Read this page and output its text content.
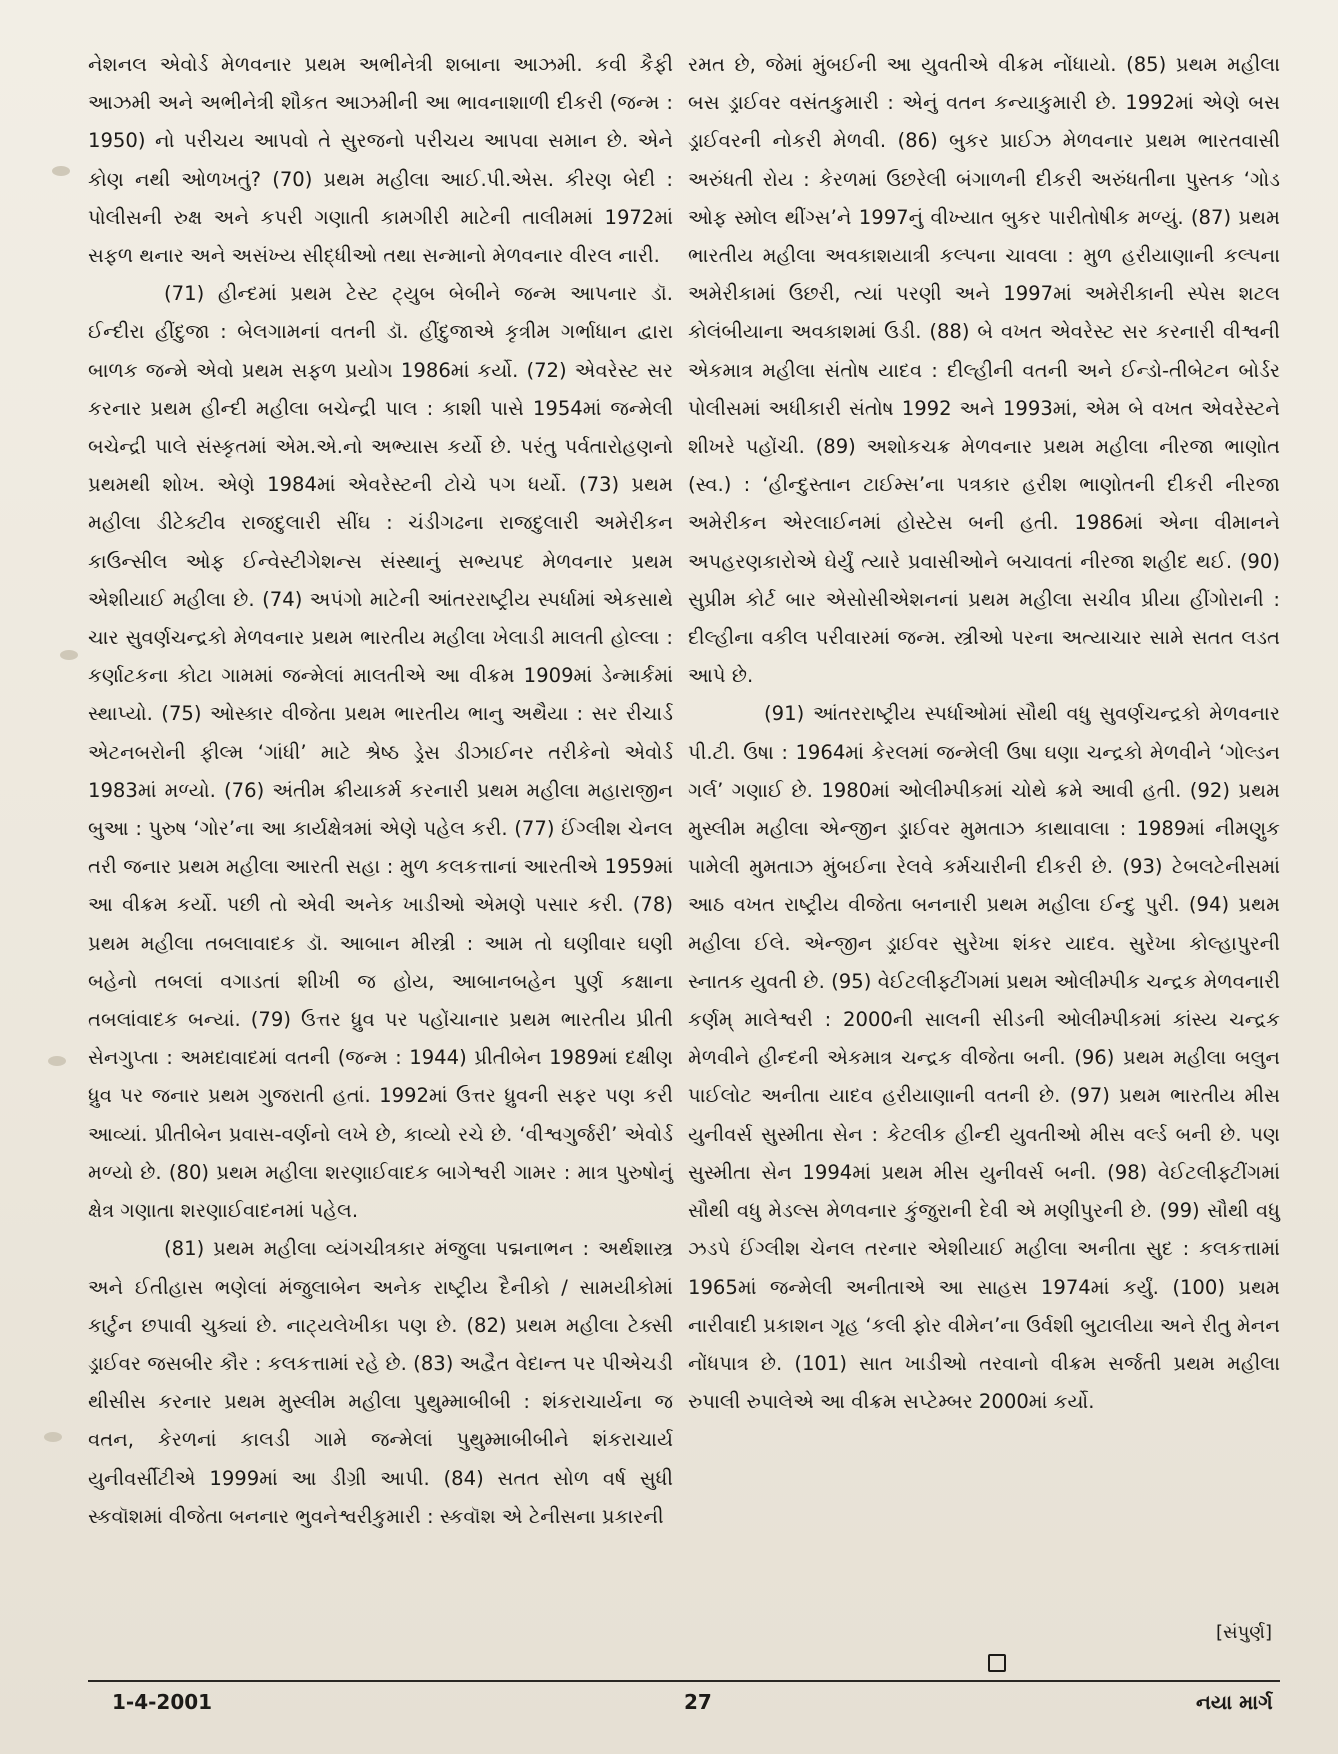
નેશનલ એવોર્ડ મેળવનાર પ્રથમ અભીનેત્રી શબાના આઝમી. કવી કૈફી આઝમી અને અભીનેત્રી શૌકત આઝમીની આ ભાવનાશાળી દીકરી (જન્મ : 1950) નો પરીચય આપવો તે સુરજનો પરીચય આપવા સમાન છે. એને કોણ નથી ઓળખતું? (70) પ્રથમ મહીલા આઈ.પી.એસ. કીરણ બેદી : પોલીસની રુક્ષ અને કપરી ગણાતી કામગીરી માટેની તાલીમમાં 1972માં સફળ થનાર અને અસંખ્ય સીદ્ધીઓ તથા સન્માનો મેળવનાર વીરલ નારી.

(71) હીન્દમાં પ્રથમ ટેસ્ટ ટ્યુબ બેબીને જન્મ આપનાર ડૉ. ઈન્દીરા હીંદુજા : બેલગામનાં વતની ડૉ. હીંદુજાએ કૃત્રીમ ગર્ભાધાન દ્વારા બાળક જન્મે એવો પ્રથમ સફળ પ્રયોગ 1986માં કર્યો. (72) એવરેસ્ટ સર કરનાર પ્રથમ હીન્દી મહીલા બચેન્દ્રી પાલ : કાશી પાસે 1954માં જન્મેલી બચેન્દ્રી પાલે સંસ્કૃતમાં એમ.એ.નો અભ્યાસ કર્યો છે. પરંતુ પર્વતારોહણનો પ્રથમથી શોખ. એણે 1984માં એવરેસ્ટની ટોચે પગ ધર્યો. (73) પ્રથમ મહીલા ડીટેક્ટીવ રાજદુલારી સીંઘ : ચંડીગઢના રાજદુલારી અમેરીકન કાઉન્સીલ ઓફ ઈન્વેસ્ટીગેશન્સ સંસ્થાનું સભ્યપદ મેળવનાર પ્રથમ એશીયાઈ મહીલા છે. (74) અપંગો માટેની આંતરરાષ્ટ્રીય સ્પર્ધામાં એકસાથે ચાર સુવર્ણચન્દ્રકો મેળવનાર પ્રથમ ભારતીય મહીલા ખેલાડી માલતી હોલ્લા : કર્ણાટકના કોટા ગામમાં જન્મેલાં માલતીએ આ વીક્રમ 1909માં ડેન્માર્કમાં સ્થાપ્યો. (75) ઓસ્કાર વીજેતા પ્રથમ ભારતીય ભાનુ અથૈયા : સર રીચાર્ડ એટનબરોની ફીલ્મ ‘ગાંધી’ માટે શ્રેષ્ઠ ડ્રેસ ડીઝાઈનર તરીકેનો એવોર્ડ 1983માં મળ્યો. (76) અંતીમ ક્રીયાકર્મ કરનારી પ્રથમ મહીલા મહારાજીન બુઆ : પુરુષ ‘ગોર’ના આ કાર્યક્ષેત્રમાં એણે પહેલ કરી. (77) ઈંગ્લીશ ચેનલ તરી જનાર પ્રથમ મહીલા આરતી સહા : મુળ કલકત્તાનાં આરતીએ 1959માં આ વીક્રમ કર્યો. પછી તો એવી અનેક ખાડીઓ એમણે પસાર કરી. (78) પ્રથમ મહીલા તબલાવાદક ડૉ. આબાન મીસ્ત્રી : આમ તો ઘણીવાર ઘણી બહેનો તબલાં વગાડતાં શીખી જ હોય, આબાનબહેન પુર્ણ કક્ષાના તબલાંવાદક બન્યાં. (79) ઉત્તર ધ્રુવ પર પહોંચાનાર પ્રથમ ભારતીય પ્રીતી સેનગુપ્તા : અમદાવાદમાં વતની (જન્મ : 1944) પ્રીતીબેન 1989માં દક્ષીણ ધ્રુવ પર જનાર પ્રથમ ગુજરાતી હતાં. 1992માં ઉત્તર ધ્રુવની સફર પણ કરી આવ્યાં. પ્રીતીબેન પ્રવાસ-વર્ણનો લખે છે, કાવ્યો રચે છે. ‘વીશ્વગુર્જરી’ એવોર્ડ મળ્યો છે. (80) પ્રથમ મહીલા શરણાઈવાદક બાગેશ્વરી ગામર : માત્ર પુરુષોનું ક્ષેત્ર ગણાતા શરણાઈવાદનમાં પહેલ.

(81) પ્રથમ મહીલા વ્યંગચીત્રકાર મંજુલા પદ્મનાભન : અર્થશાસ્ત્ર અને ઈતીહાસ ભણેલાં મંજુલાબેન અનેક રાષ્ટ્રીય દૈનીકો / સામયીકોમાં કાર્ટુન છપાવી ચુક્યાં છે. નાટ્યલેખીકા પણ છે. (82) પ્રથમ મહીલા ટેક્સી ડ્રાઈવર જસબીર કૌર : કલકત્તામાં રહે છે. (83) અદ્વૈત વેદાન્ત પર પીએચડી થીસીસ કરનાર પ્રથમ મુસ્લીમ મહીલા પુથુમ્માબીબી : શંકરાચાર્યના જ વતન, કેરળનાં કાલડી ગામે જન્મેલાં પુથુમ્માબીબીને શંકરાચાર્ય યુનીવર્સીટીએ 1999માં આ ડીગ્રી આપી. (84) સતત સોળ વર્ષ સુધી સ્કવૉશમાં વીજેતા બનનાર ભુવનેશ્વરીકુમારી : સ્કવૉશ એ ટેનીસના પ્રકારની

રમત છે, જેમાં મુંબઈની આ યુવતીએ વીક્રમ નોંધાયો. (85) પ્રથમ મહીલા બસ ડ્રાઈવર વસંતકુમારી : એનું વતન કન્યાકુમારી છે. 1992માં એણે બસ ડ્રાઈવરની નોકરી મેળવી. (86) બુકર પ્રાઈઝ મેળવનાર પ્રથમ ભારતવાસી અરુંધતી રોય : કેરળમાં ઉછરેલી બંગાળની દીકરી અરુંધતીના પુસ્તક ‘ગોડ ઓફ સ્મોલ થીંગ્સ’ને 1997નું વીખ્યાત બુકર પારીતોષીક મળ્યું. (87) પ્રથમ ભારતીય મહીલા અવકાશયાત્રી કલ્પના ચાવલા : મુળ હરીયાણાની કલ્પના અમેરીકામાં ઉછરી, ત્યાં પરણી અને 1997માં અમેરીકાની સ્પેસ શટલ કોલંબીયાના અવકાશમાં ઉડી. (88) બે વખત એવરેસ્ટ સર કરનારી વીશ્વની એકમાત્ર મહીલા સંતોષ યાદવ : દીલ્હીની વતની અને ઈન્ડો-તીબેટન બોર્ડર પોલીસમાં અધીકારી સંતોષ 1992 અને 1993માં, એમ બે વખત એવરેસ્ટને શીખરે પહોંચી. (89) અશોકચક્ર મેળવનાર પ્રથમ મહીલા નીરજા ભાણોત (સ્વ.) : ‘હીન્દુસ્તાન ટાઈમ્સ’ના પત્રકાર હરીશ ભાણોતની દીકરી નીરજા અમેરીકન એરલાઈનમાં હોસ્ટેસ બની હતી. 1986માં એના વીમાનને અપહરણકારોએ ઘેર્યું ત્યારે પ્રવાસીઓને બચાવતાં નીરજા શહીદ થઈ. (90) સુપ્રીમ કોર્ટ બાર એસોસીએશનનાં પ્રથમ મહીલા સચીવ પ્રીયા હીંગોરાની : દીલ્હીના વકીલ પરીવારમાં જન્મ. સ્ત્રીઓ પરના અત્યાચાર સામે સતત લડત આપે છે.

(91) આંતરરાષ્ટ્રીય સ્પર્ધાઓમાં સૌથી વધુ સુવર્ણચન્દ્રકો મેળવનાર પી.ટી. ઉષા : 1964માં કેરલમાં જન્મેલી ઉષા ઘણા ચન્દ્રકો મેળવીને ‘ગોલ્ડન ગર્લ’ ગણાઈ છે. 1980માં ઓલીમ્પીકમાં ચોથે ક્રમે આવી હતી. (92) પ્રથમ મુસ્લીમ મહીલા એન્જીન ડ્રાઈવર મુમતાઝ કાથાવાલા : 1989માં નીમણુક પામેલી મુમતાઝ મુંબઈના રેલવે કર્મચારીની દીકરી છે. (93) ટેબલટેનીસમાં આઠ વખત રાષ્ટ્રીય વીજેતા બનનારી પ્રથમ મહીલા ઈન્દુ પુરી. (94) પ્રથમ મહીલા ઈલે. એન્જીન ડ્રાઈવર સુરેખા શંકર યાદવ. સુરેખા કોલ્હાપુરની સ્નાતક યુવતી છે. (95) વેઈટલીફ્ટીંગમાં પ્રથમ ઓલીમ્પીક ચન્દ્રક મેળવનારી કર્ણમ્ માલેશ્વરી : 2000ની સાલની સીડની ઓલીમ્પીકમાં કાંસ્ય ચન્દ્રક મેળવીને હીન્દની એકમાત્ર ચન્દ્રક વીજેતા બની. (96) પ્રથમ મહીલા બલુન પાઈલોટ અનીતા યાદવ હરીયાણાની વતની છે. (97) પ્રથમ ભારતીય મીસ યુનીવર્સ સુસ્મીતા સેન : કેટલીક હીન્દી યુવતીઓ મીસ વર્લ્ડ બની છે. પણ સુસ્મીતા સેન 1994માં પ્રથમ મીસ યુનીવર્સ બની. (98) વેઈટલીફ્ટીંગમાં સૌથી વધુ મેડલ્સ મેળવનાર કુંજુરાની દેવી એ મણીપુરની છે. (99) સૌથી વધુ ઝડપે ઈંગ્લીશ ચેનલ તરનાર એશીયાઈ મહીલા અનીતા સુદ : કલકત્તામાં 1965માં જન્મેલી અનીતાએ આ સાહસ 1974માં કર્યું. (100) પ્રથમ નારીવાદી પ્રકાશન ગૃહ ‘કલી ફોર વીમેન’ના ઉર્વશી બુટાલીયા અને રીતુ મેનન નોંધપાત્ર છે. (101) સાત ખાડીઓ તરવાનો વીક્રમ સર્જતી પ્રથમ મહીલા રુપાલી રુપાલેએ આ વીક્રમ સપ્ટેમ્બર 2000માં કર્યો.

[સંપુર્ણ]
1-4-2001	27	નયા માર્ગ
